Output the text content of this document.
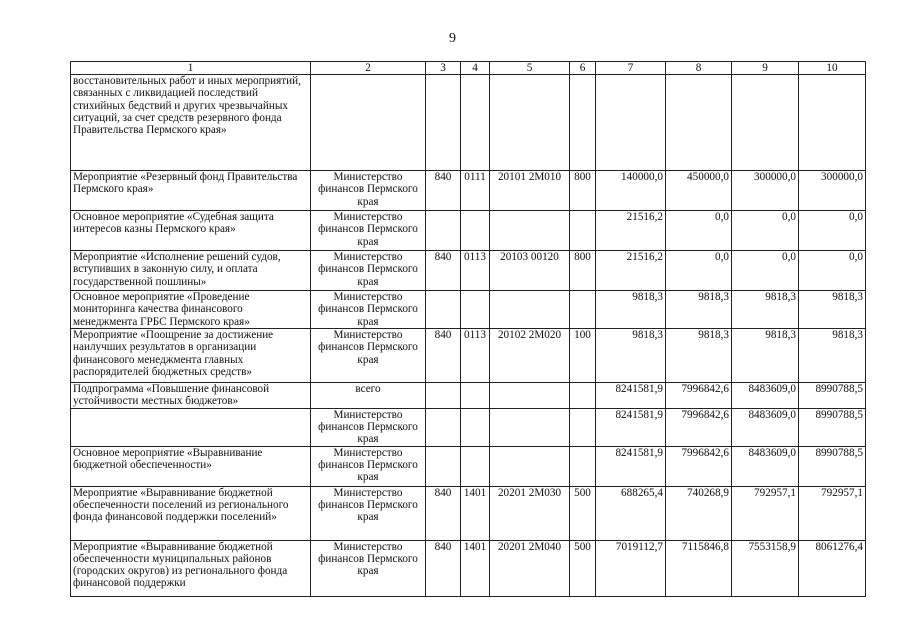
9
1	2	3	4	5	6	7	8	9	10
восстановительных работ и иных мероприятий, связанных с ликвидацией последствий стихийных бедствий и других чрезвычайных ситуаций, за счет средств резервного фонда Правительства Пермского края»									
Мероприятие «Резервный фонд Правительства Пермского края»	Министерство финансов Пермского края	840	0111	20101 2М010	800	140000,0	450000,0	300000,0	300000,0
Основное мероприятие «Судебная защита интересов казны Пермского края»	Министерство финансов Пермского края					21516,2	0,0	0,0	0,0
Мероприятие «Исполнение решений судов, вступивших в законную силу, и оплата государственной пошлины»	Министерство финансов Пермского края	840	0113	20103 00120	800	21516,2	0,0	0,0	0,0
Основное мероприятие «Проведение мониторинга качества финансового менеджмента ГРБС Пермского края»	Министерство финансов Пермского края					9818,3	9818,3	9818,3	9818,3
Мероприятие «Поощрение за достижение наилучших результатов в организации финансового менеджмента главных распорядителей бюджетных средств»	Министерство финансов Пермского края	840	0113	20102 2М020	100	9818,3	9818,3	9818,3	9818,3
Подпрограмма «Повышение финансовой устойчивости местных бюджетов»	всего					8241581,9	7996842,6	8483609,0	8990788,5
	Министерство финансов Пермского края					8241581,9	7996842,6	8483609,0	8990788,5
Основное мероприятие «Выравнивание бюджетной обеспеченности»	Министерство финансов Пермского края					8241581,9	7996842,6	8483609,0	8990788,5
Мероприятие «Выравнивание бюджетной обеспеченности поселений из регионального фонда финансовой поддержки поселений»	Министерство финансов Пермского края	840	1401	20201 2М030	500	688265,4	740268,9	792957,1	792957,1
Мероприятие «Выравнивание бюджетной обеспеченности муниципальных районов (городских округов) из регионального фонда финансовой поддержки	Министерство финансов Пермского края	840	1401	20201 2М040	500	7019112,7	7115846,8	7553158,9	8061276,4
